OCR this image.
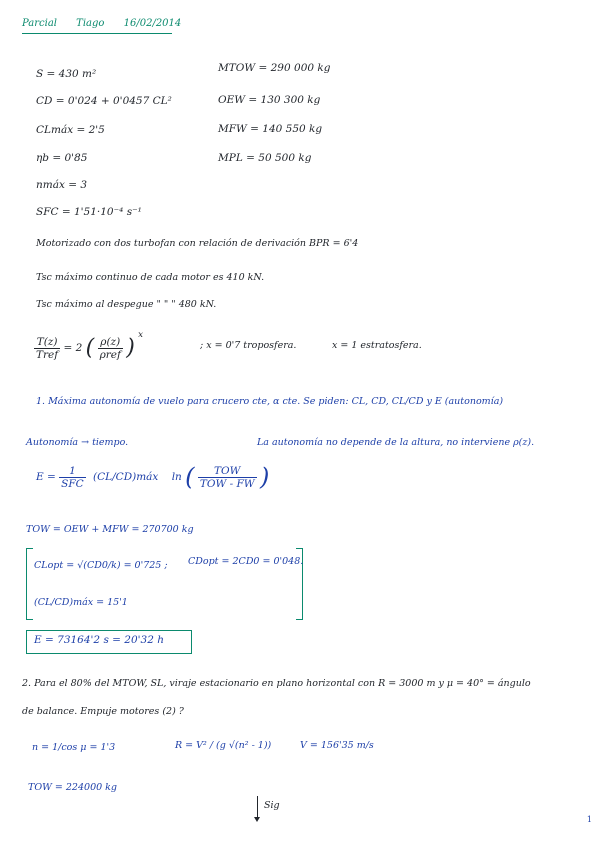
Parcial Tiago 16/02/2014
S = 430 m²
CD = 0'024 + 0'0457 CL²
CLmáx = 2'5
ηb = 0'85
nmáx = 3
SFC = 1'51·10⁻⁴ s⁻¹
MTOW = 290 000 kg
OEW = 130 300 kg
MFW = 140 550 kg
MPL = 50 500 kg
Motorizado con dos turbofan con relación de derivación BPR = 6'4
Tsc máximo continuo de cada motor es 410 kN.
Tsc máximo al despegue " " " 480 kN.
$\frac{T(z)}{\text{Tref}} = 2$ ( $\frac{\rho(z)}{\text{ρref}}$ ) $^x$
; x = 0'7 troposfera.	x = 1 estratosfera.
1. Máxima autonomía de vuelo para crucero cte, α cte. Se piden: CL, CD, CL/CD y E (autonomía)
Autonomía → tiempo.	La autonomía no depende de la altura, no interviene ρ(z).
$E = \frac{1}{\text{SFC}}$ (CL/CD)máx ln ( $\frac{\text{TOW}}{\text{TOW - FW}}$ )
TOW = OEW + MFW = 270700 kg
CLopt = √(CD0/k) = 0'725 ; CDopt = 2CD0 = 0'048.
(CL/CD)máx = 15'1
E = 73164'2 s = 20'32 h
2. Para el 80% del MTOW, SL, viraje estacionario en plano horizontal con R = 3000 m y μ = 40° = ángulo
de balance. Empuje motores (2) ?
n = 1/cos μ = 1'3	R = V² / (g √(n² - 1))	V = 156'35 m/s
TOW = 224000 kg
Sig
1
